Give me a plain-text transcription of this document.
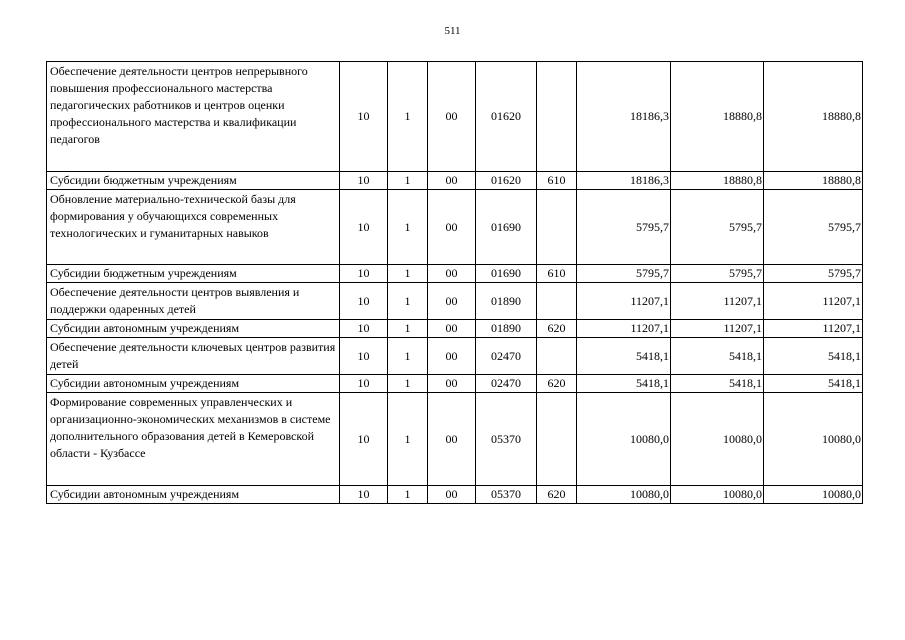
511
Обеспечение деятельности центров непрерывного повышения профессионального мастерства педагогических работников и центров оценки профессионального мастерства и квалификации педагогов	10	1	00	01620		18186,3	18880,8	18880,8
Субсидии бюджетным учреждениям	10	1	00	01620	610	18186,3	18880,8	18880,8
Обновление материально-технической базы для формирования у обучающихся современных технологических и гуманитарных навыков	10	1	00	01690		5795,7	5795,7	5795,7
Субсидии бюджетным учреждениям	10	1	00	01690	610	5795,7	5795,7	5795,7
Обеспечение деятельности центров выявления и поддержки одаренных детей	10	1	00	01890		11207,1	11207,1	11207,1
Субсидии автономным учреждениям	10	1	00	01890	620	11207,1	11207,1	11207,1
Обеспечение деятельности ключевых центров развития детей	10	1	00	02470		5418,1	5418,1	5418,1
Субсидии автономным учреждениям	10	1	00	02470	620	5418,1	5418,1	5418,1
Формирование современных управленческих и организационно-экономических механизмов в системе дополнительного образования детей в Кемеровской области - Кузбассе	10	1	00	05370		10080,0	10080,0	10080,0
Субсидии автономным учреждениям	10	1	00	05370	620	10080,0	10080,0	10080,0
